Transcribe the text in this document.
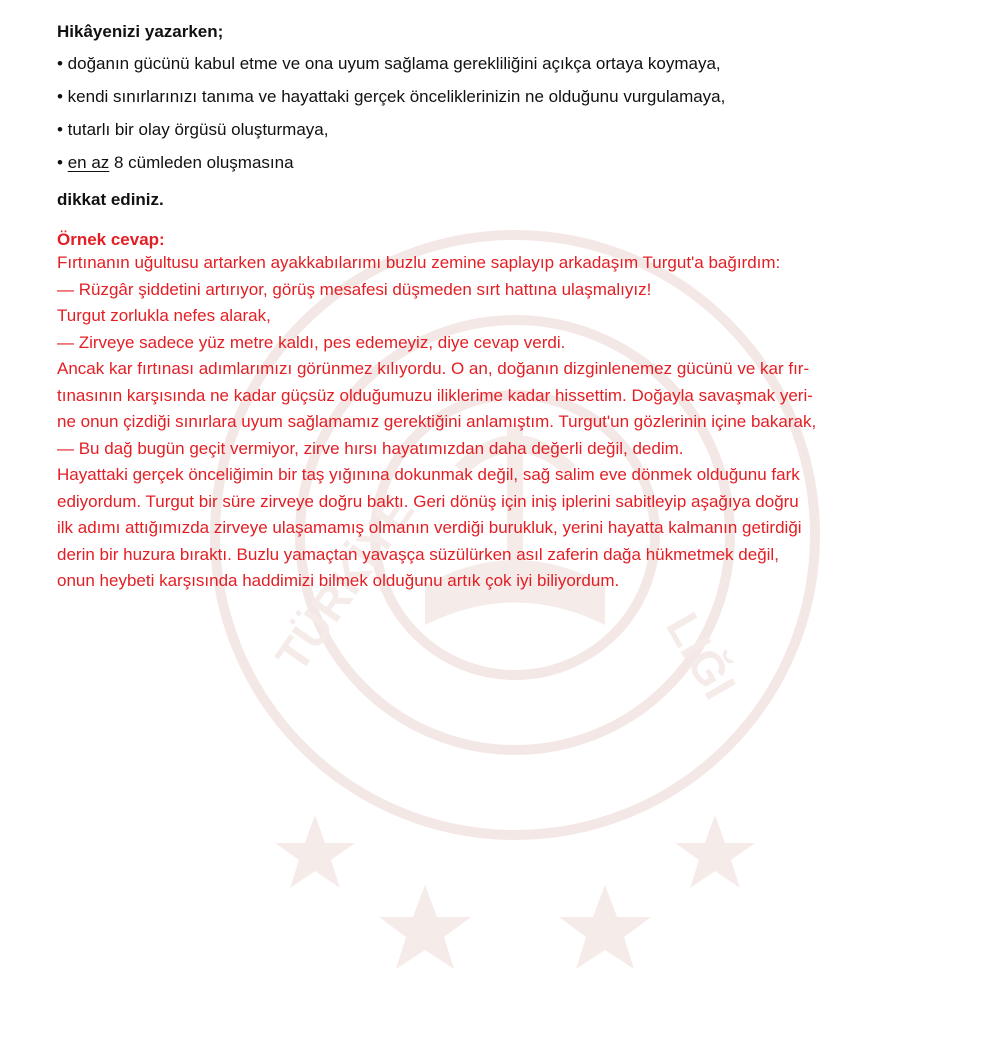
TÜRKİYE	LIĞI

Hikâyenizi yazarken;

• doğanın gücünü kabul etme ve ona uyum sağlama gerekliliğini açıkça ortaya koymaya,
• kendi sınırlarınızı tanıma ve hayattaki gerçek önceliklerinizin ne olduğunu vurgulamaya,
• tutarlı bir olay örgüsü oluşturmaya,
• en az 8 cümleden oluşmasına

dikkat ediniz.

Örnek cevap:

Fırtınanın uğultusu artarken ayakkabılarımı buzlu zemine saplayıp arkadaşım Turgut'a bağırdım:

— Rüzgâr şiddetini artırıyor, görüş mesafesi düşmeden sırt hattına ulaşmalıyız!

Turgut zorlukla nefes alarak,

— Zirveye sadece yüz metre kaldı, pes edemeyiz, diye cevap verdi.

Ancak kar fırtınası adımlarımızı görünmez kılıyordu. O an, doğanın dizginlenemez gücünü ve kar fır-

tınasının karşısında ne kadar güçsüz olduğumuzu iliklerime kadar hissettim. Doğayla savaşmak yeri-

ne onun çizdiği sınırlara uyum sağlamamız gerektiğini anlamıştım. Turgut'un gözlerinin içine bakarak,

— Bu dağ bugün geçit vermiyor, zirve hırsı hayatımızdan daha değerli değil, dedim.

Hayattaki gerçek önceliğimin bir taş yığınına dokunmak değil, sağ salim eve dönmek olduğunu fark

ediyordum. Turgut bir süre zirveye doğru baktı. Geri dönüş için iniş iplerini sabitleyip aşağıya doğru

ilk adımı attığımızda zirveye ulaşamamış olmanın verdiği burukluk, yerini hayatta kalmanın getirdiği

derin bir huzura bıraktı. Buzlu yamaçtan yavaşça süzülürken asıl zaferin dağa hükmetmek değil,

onun heybeti karşısında haddimizi bilmek olduğunu artık çok iyi biliyordum.
